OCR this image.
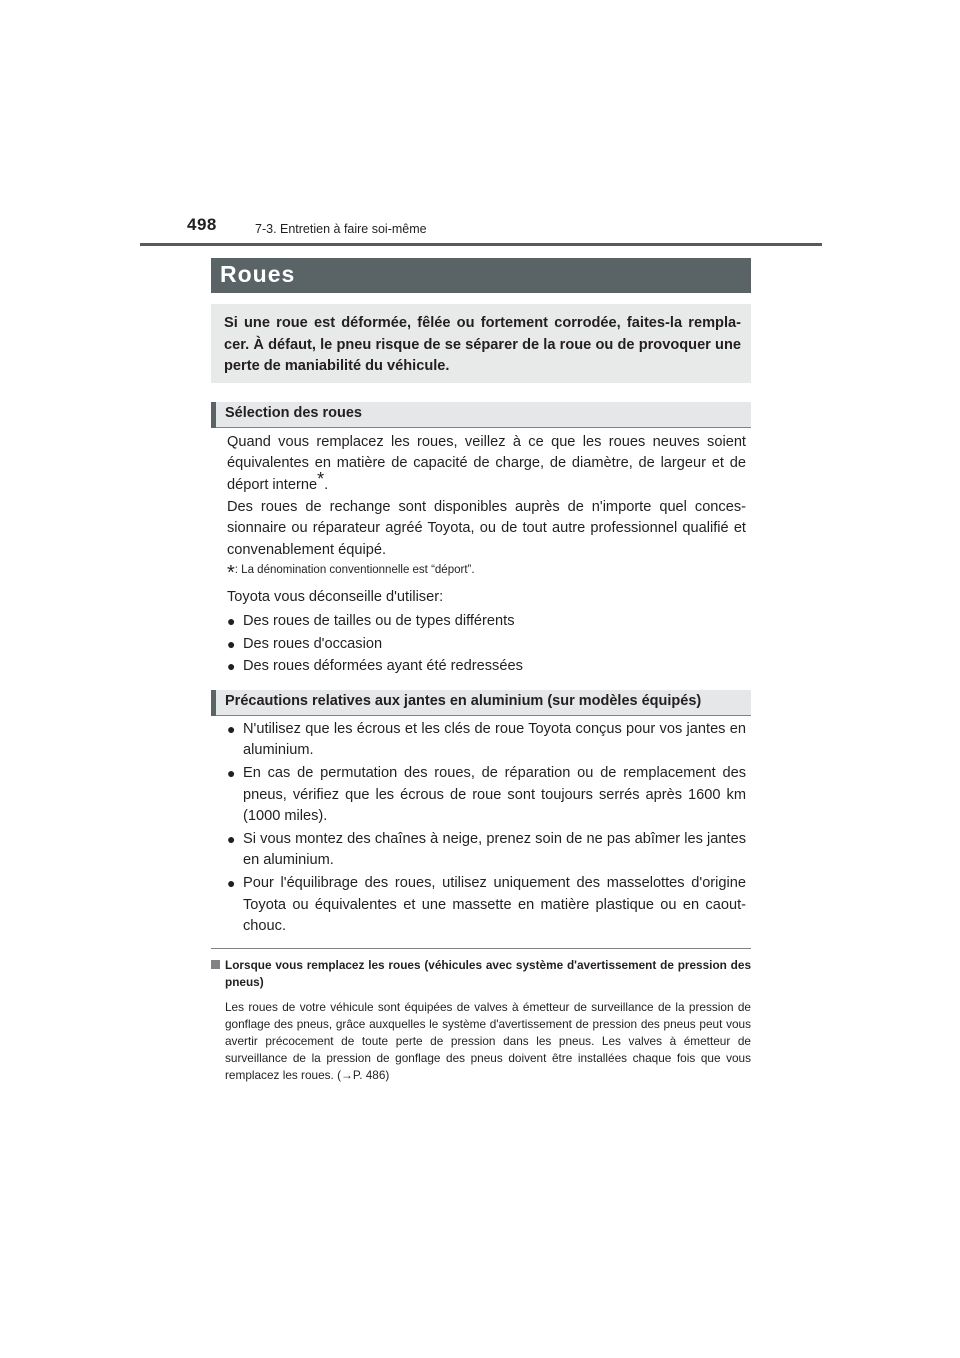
498	7-3. Entretien à faire soi-même
Roues

Si une roue est déformée, fêlée ou fortement corrodée, faites-la rempla-cer. À défaut, le pneu risque de se séparer de la roue ou de provoquer une perte de maniabilité du véhicule.

Sélection des roues

Quand vous remplacez les roues, veillez à ce que les roues neuves soient équivalentes en matière de capacité de charge, de diamètre, de largeur et de déport interne*.

Des roues de rechange sont disponibles auprès de n'importe quel conces-sionnaire ou réparateur agréé Toyota, ou de tout autre professionnel qualifié et convenablement équipé.

*: La dénomination conventionnelle est “déport”.
Toyota vous déconseille d'utiliser:
● Des roues de tailles ou de types différents
● Des roues d'occasion
● Des roues déformées ayant été redressées
Précautions relatives aux jantes en aluminium (sur modèles équipés)
● N'utilisez que les écrous et les clés de roue Toyota conçus pour vos jantes en aluminium.
● En cas de permutation des roues, de réparation ou de remplacement des pneus, vérifiez que les écrous de roue sont toujours serrés après 1600 km (1000 miles).
● Si vous montez des chaînes à neige, prenez soin de ne pas abîmer les jantes en aluminium.
● Pour l'équilibrage des roues, utilisez uniquement des masselottes d'origine Toyota ou équivalentes et une massette en matière plastique ou en caout-chouc.
Lorsque vous remplacez les roues (véhicules avec système d'avertissement de pression des pneus)
Les roues de votre véhicule sont équipées de valves à émetteur de surveillance de la pression de gonflage des pneus, grâce auxquelles le système d'avertissement de pression des pneus peut vous avertir précocement de toute perte de pression dans les pneus. Les valves à émetteur de surveillance de la pression de gonflage des pneus doivent être installées chaque fois que vous remplacez les roues. (→P. 486)
